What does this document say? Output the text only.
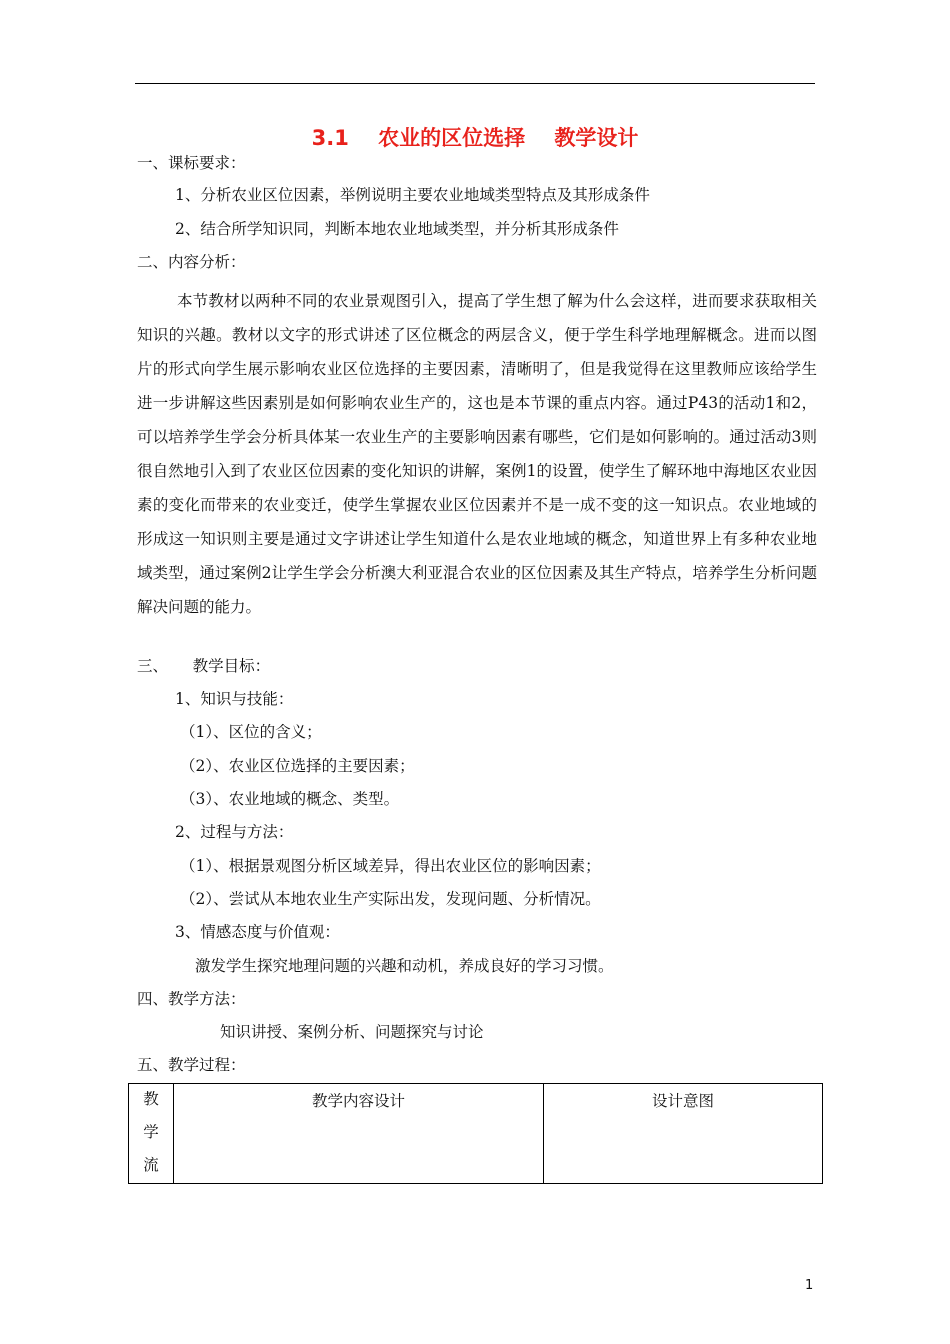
3.1    农业的区位选择    教学设计
一、课标要求：
1、分析农业区位因素，举例说明主要农业地域类型特点及其形成条件
2、结合所学知识同，判断本地农业地域类型，并分析其形成条件
二、内容分析：
本节教材以两种不同的农业景观图引入，提高了学生想了解为什么会这样，进而要求获取相关知识的兴趣。教材以文字的形式讲述了区位概念的两层含义，便于学生科学地理解概念。进而以图片的形式向学生展示影响农业区位选择的主要因素，清晰明了，但是我觉得在这里教师应该给学生进一步讲解这些因素别是如何影响农业生产的，这也是本节课的重点内容。通过P43的活动1和2，可以培养学生学会分析具体某一农业生产的主要影响因素有哪些，它们是如何影响的。通过活动3则很自然地引入到了农业区位因素的变化知识的讲解，案例1的设置，使学生了解环地中海地区农业因素的变化而带来的农业变迁，使学生掌握农业区位因素并不是一成不变的这一知识点。农业地域的形成这一知识则主要是通过文字讲述让学生知道什么是农业地域的概念，知道世界上有多种农业地域类型，通过案例2让学生学会分析澳大利亚混合农业的区位因素及其生产特点，培养学生分析问题解决问题的能力。
三、     教学目标：
1、知识与技能：
（1）、区位的含义；
（2）、农业区位选择的主要因素；
（3）、农业地域的概念、类型。
2、过程与方法：
（1）、根据景观图分析区域差异，得出农业区位的影响因素；
（2）、尝试从本地农业生产实际出发，发现问题、分析情况。
3、情感态度与价值观：
激发学生探究地理问题的兴趣和动机，养成良好的学习习惯。
四、教学方法：
知识讲授、案例分析、问题探究与讨论
五、教学过程：
教
学
流
	教学内容设计	设计意图
1
